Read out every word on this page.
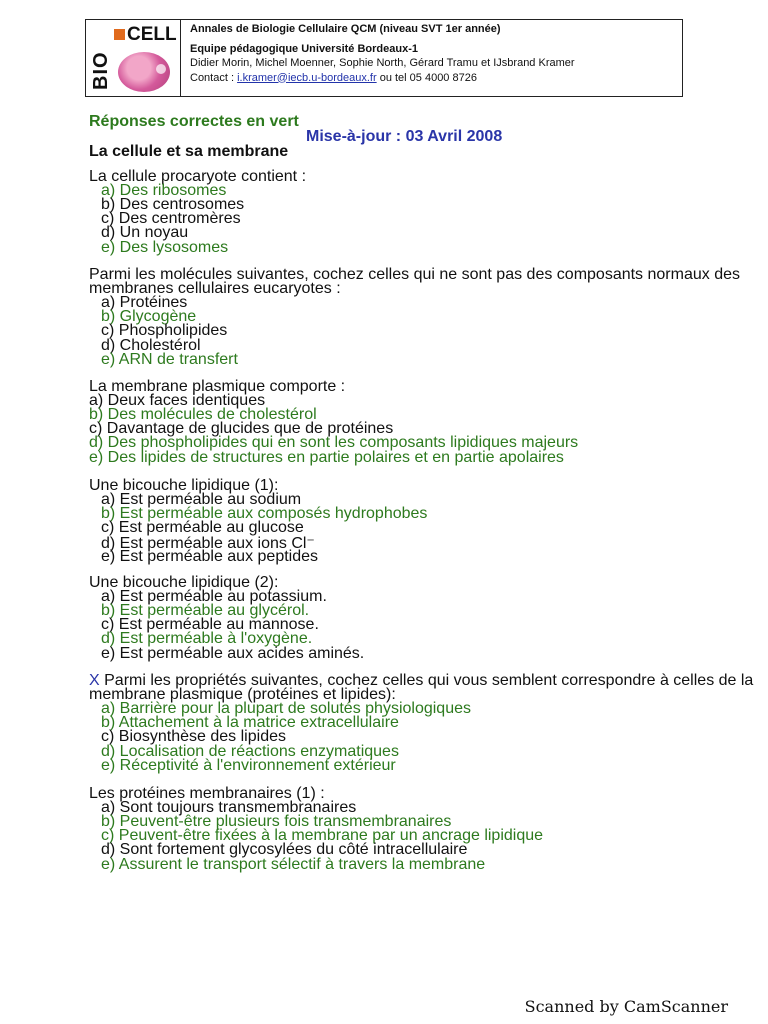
CELL
BIO
Annales de Biologie Cellulaire QCM (niveau SVT 1er année)
Equipe pédagogique Université Bordeaux-1
Didier Morin, Michel Moenner, Sophie North, Gérard Tramu et IJsbrand Kramer
Contact : i.kramer@iecb.u-bordeaux.fr ou tel 05 4000 8726
Réponses correctes en vert
Mise-à-jour : 03 Avril 2008
La cellule et sa membrane
La cellule procaryote contient :
a) Des ribosomes
b) Des centrosomes
c) Des centromères
d) Un noyau
e) Des lysosomes
Parmi les molécules suivantes, cochez celles qui ne sont pas des composants normaux des
membranes cellulaires eucaryotes :
a) Protéines
b) Glycogène
c) Phospholipides
d) Cholestérol
e) ARN de transfert
La membrane plasmique comporte :
a) Deux faces identiques
b) Des molécules de cholestérol
c) Davantage de glucides que de protéines
d) Des phospholipides qui en sont les composants lipidiques majeurs
e) Des lipides de structures en partie polaires et en partie apolaires
Une bicouche lipidique (1):
a) Est perméable au sodium
b) Est perméable aux composés hydrophobes
c) Est perméable au glucose
d) Est perméable aux ions Cl⁻
e) Est perméable aux peptides
Une bicouche lipidique (2):
a) Est perméable au potassium.
b) Est perméable au glycérol.
c) Est perméable au mannose.
d) Est perméable à l'oxygène.
e) Est perméable aux acides aminés.
X Parmi les propriétés suivantes, cochez celles qui vous semblent correspondre à celles de la
membrane plasmique (protéines et lipides):
a) Barrière pour la plupart de solutés physiologiques
b) Attachement à la matrice extracellulaire
c) Biosynthèse des lipides
d) Localisation de réactions enzymatiques
e) Réceptivité à l'environnement extérieur
Les protéines membranaires (1) :
a) Sont toujours transmembranaires
b) Peuvent-être plusieurs fois transmembranaires
c) Peuvent-être fixées à la membrane par un ancrage lipidique
d) Sont fortement glycosylées du côté intracellulaire
e) Assurent le transport sélectif à travers la membrane
Scanned by CamScanner
